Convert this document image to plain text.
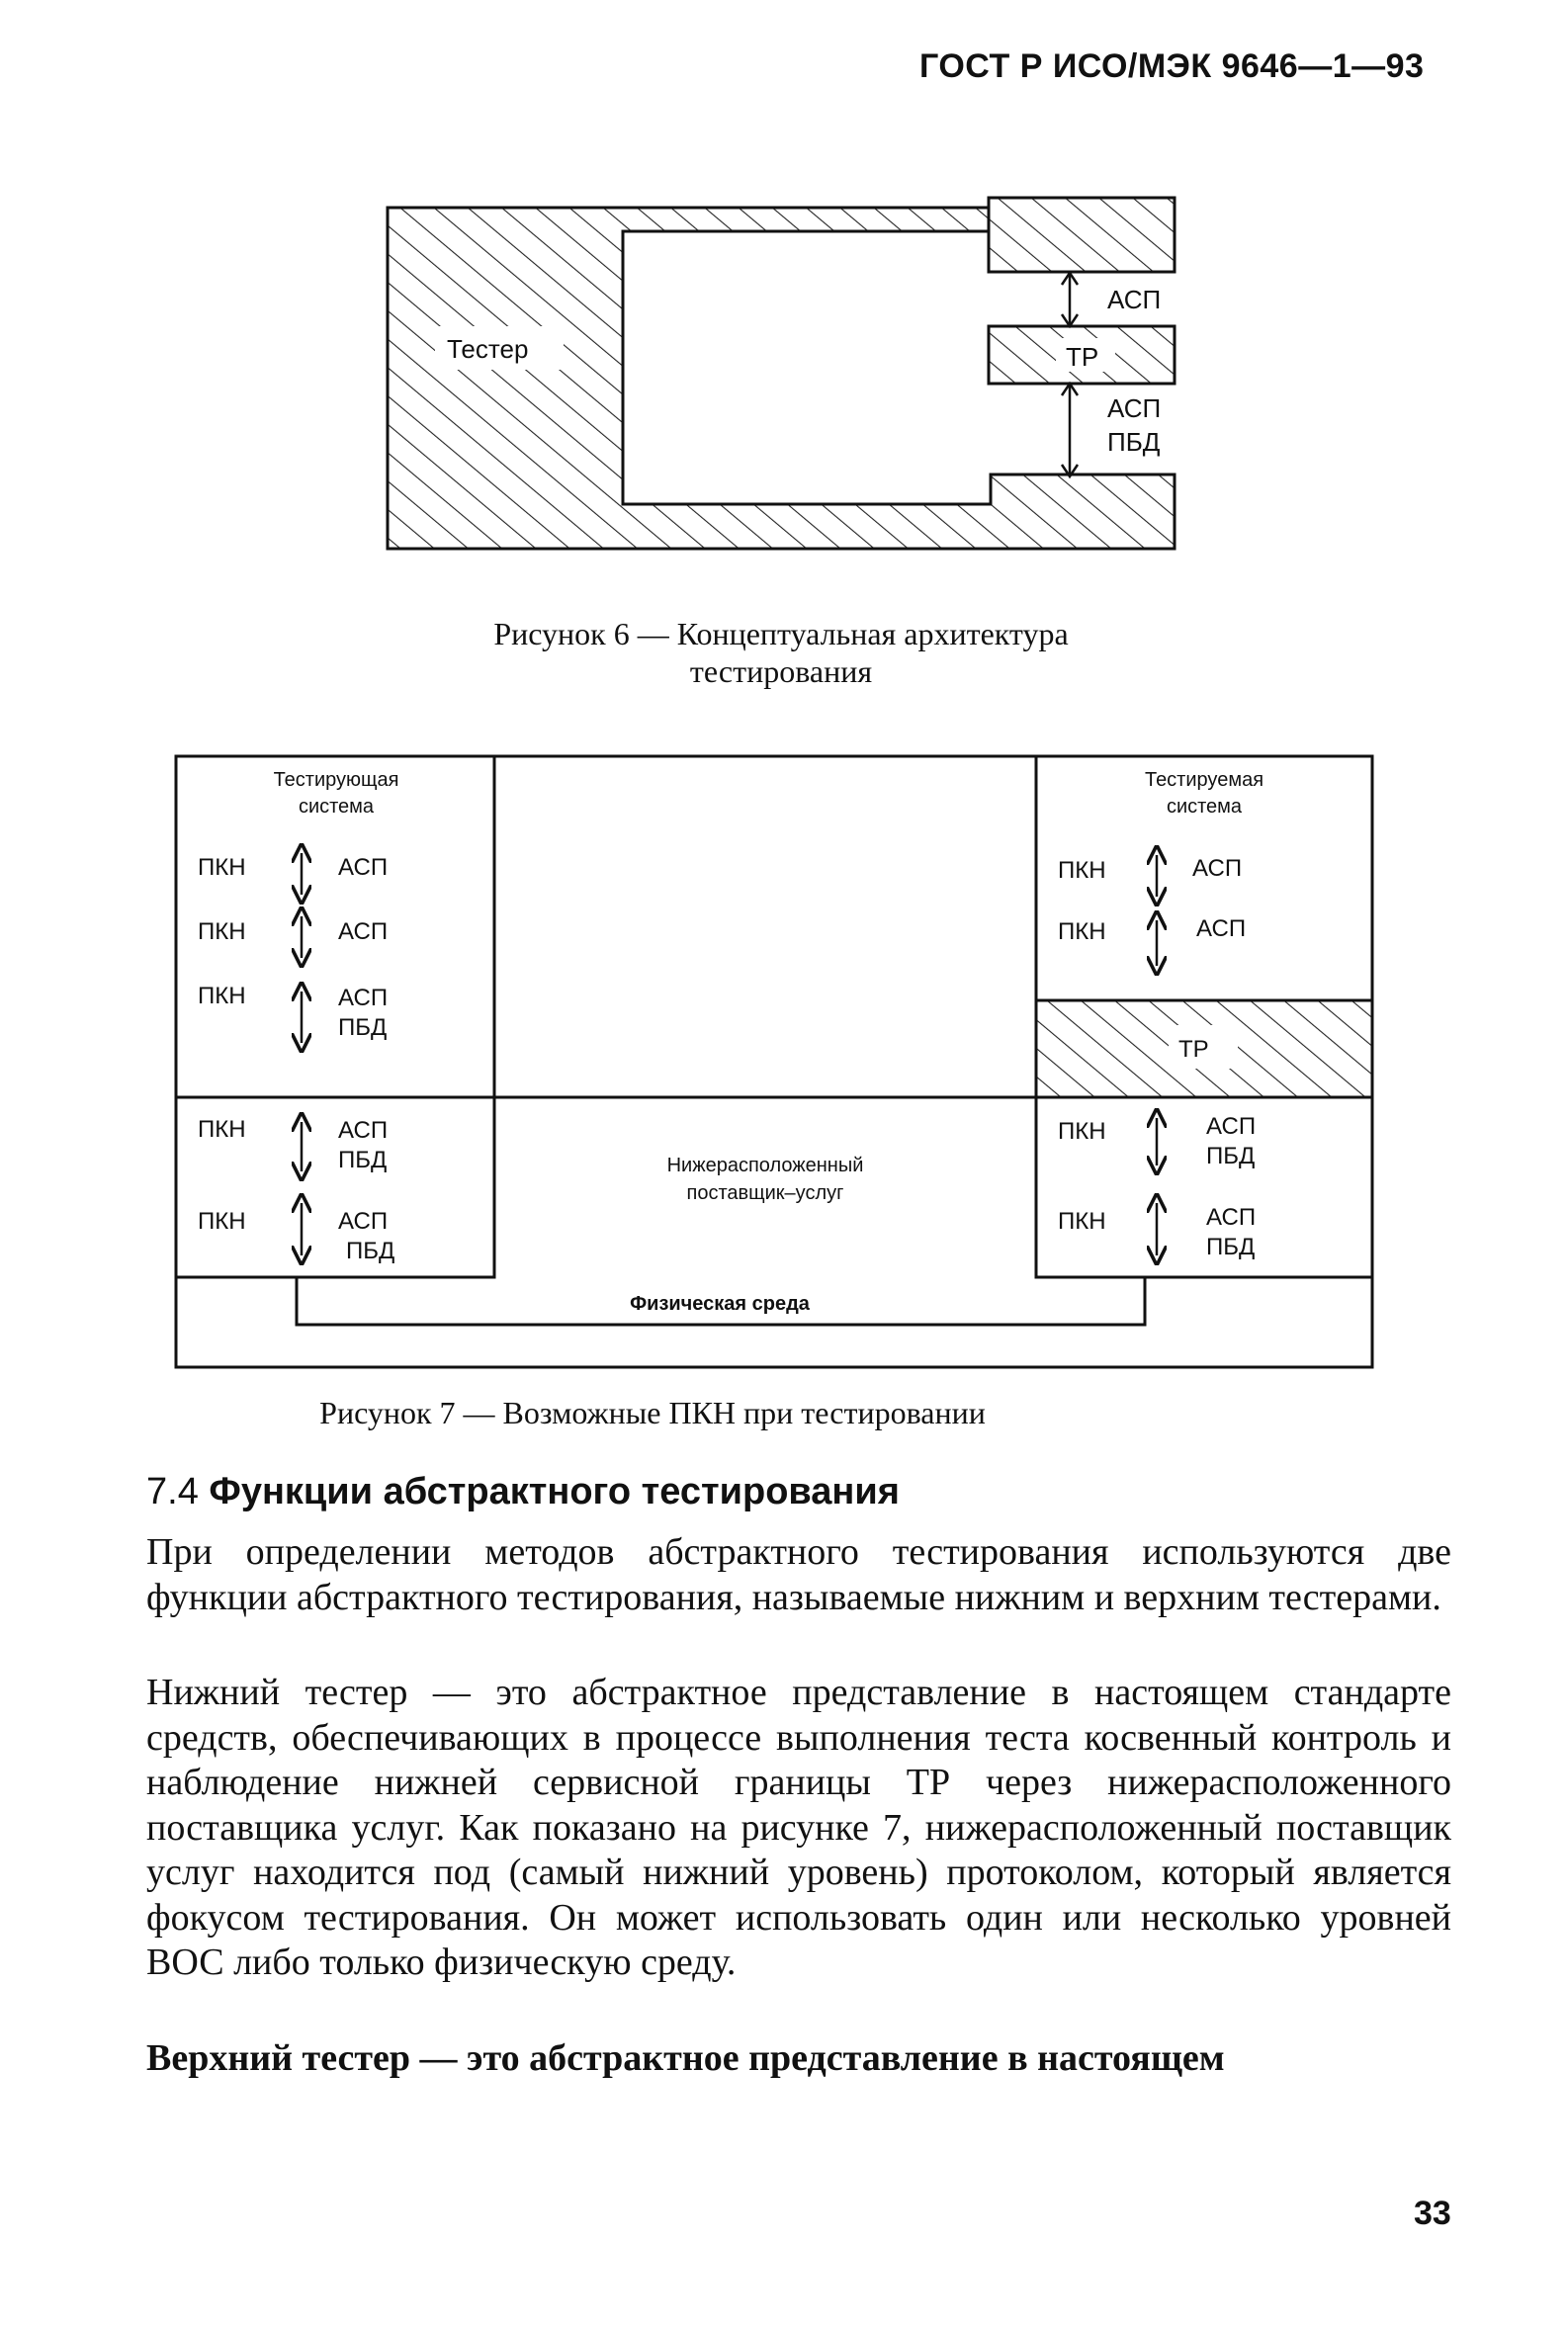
ГОСТ Р ИСО/МЭК 9646—1—93
ТР
Тестер
АСП
АСП
ПБД
Рисунок 6 — Концептуальная архитектура
тестирования
ТР
Тестирующая
система
Тестируемая
система
ПКН	АСП
ПКН	АСП
ПКН	АСП
ПБД
ПКН	АСП
ПБД
ПКН	АСП
ПБД
ПКН	АСП
ПКН	АСП
ПКН	АСП
ПБД
ПКН	АСП
ПБД
Нижерасположенный
поставщик–услуг
Физическая среда
Рисунок 7 — Возможные ПКН при тестировании
7.4 Функции абстрактного тестирования
При определении методов абстрактного тестирования используются две функции абстрактного тестирования, называемые нижним и верхним тестерами.
Нижний тестер — это абстрактное представление в настоящем стандарте средств, обеспечивающих в процессе выполнения теста косвенный контроль и наблюдение нижней сервисной границы ТР через нижерасположенного поставщика услуг. Как показано на рисунке 7, нижерасположенный поставщик услуг находится под (самый нижний уровень) протоколом, который является фокусом тестирования. Он может использовать один или несколько уровней ВОС либо только физическую среду.
Верхний тестер — это абстрактное представление в настоящем
33
